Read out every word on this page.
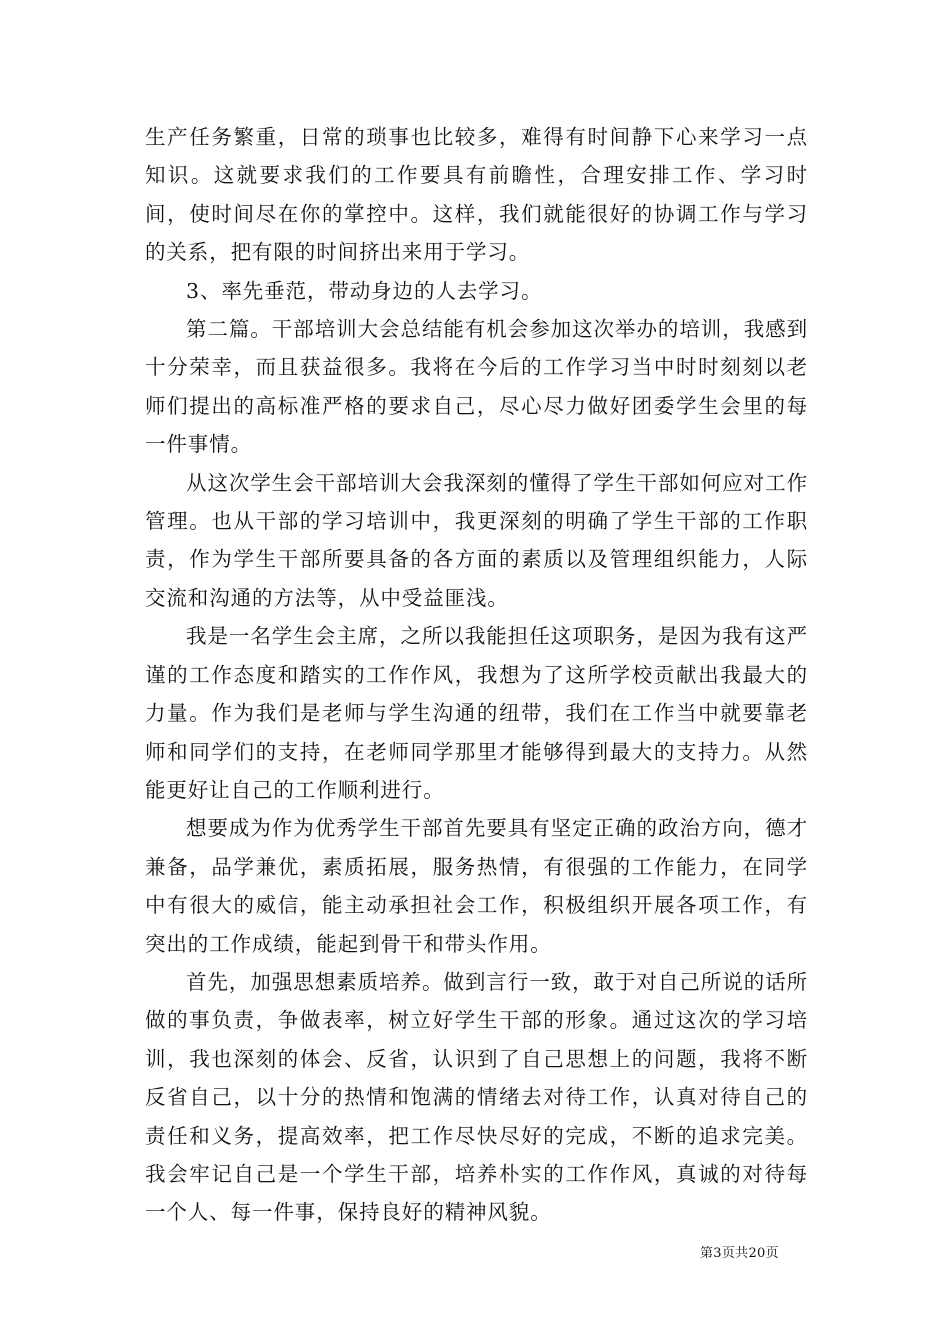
生产任务繁重，日常的琐事也比较多，难得有时间静下心来学习一点知识。这就要求我们的工作要具有前瞻性，合理安排工作、学习时间，使时间尽在你的掌控中。这样，我们就能很好的协调工作与学习的关系，把有限的时间挤出来用于学习。

3、率先垂范，带动身边的人去学习。

第二篇。干部培训大会总结能有机会参加这次举办的培训，我感到十分荣幸，而且获益很多。我将在今后的工作学习当中时时刻刻以老师们提出的高标准严格的要求自己，尽心尽力做好团委学生会里的每一件事情。

从这次学生会干部培训大会我深刻的懂得了学生干部如何应对工作管理。也从干部的学习培训中，我更深刻的明确了学生干部的工作职责，作为学生干部所要具备的各方面的素质以及管理组织能力，人际交流和沟通的方法等，从中受益匪浅。

我是一名学生会主席，之所以我能担任这项职务，是因为我有这严谨的工作态度和踏实的工作作风，我想为了这所学校贡献出我最大的力量。作为我们是老师与学生沟通的纽带，我们在工作当中就要靠老师和同学们的支持，在老师同学那里才能够得到最大的支持力。从然能更好让自己的工作顺利进行。

想要成为作为优秀学生干部首先要具有坚定正确的政治方向，德才兼备，品学兼优，素质拓展，服务热情，有很强的工作能力，在同学中有很大的威信，能主动承担社会工作，积极组织开展各项工作，有突出的工作成绩，能起到骨干和带头作用。

首先，加强思想素质培养。做到言行一致，敢于对自己所说的话所做的事负责，争做表率，树立好学生干部的形象。通过这次的学习培训，我也深刻的体会、反省，认识到了自己思想上的问题，我将不断反省自己，以十分的热情和饱满的情绪去对待工作，认真对待自己的责任和义务，提高效率，把工作尽快尽好的完成，不断的追求完美。我会牢记自己是一个学生干部，培养朴实的工作作风，真诚的对待每一个人、每一件事，保持良好的精神风貌。

第3页共20页
